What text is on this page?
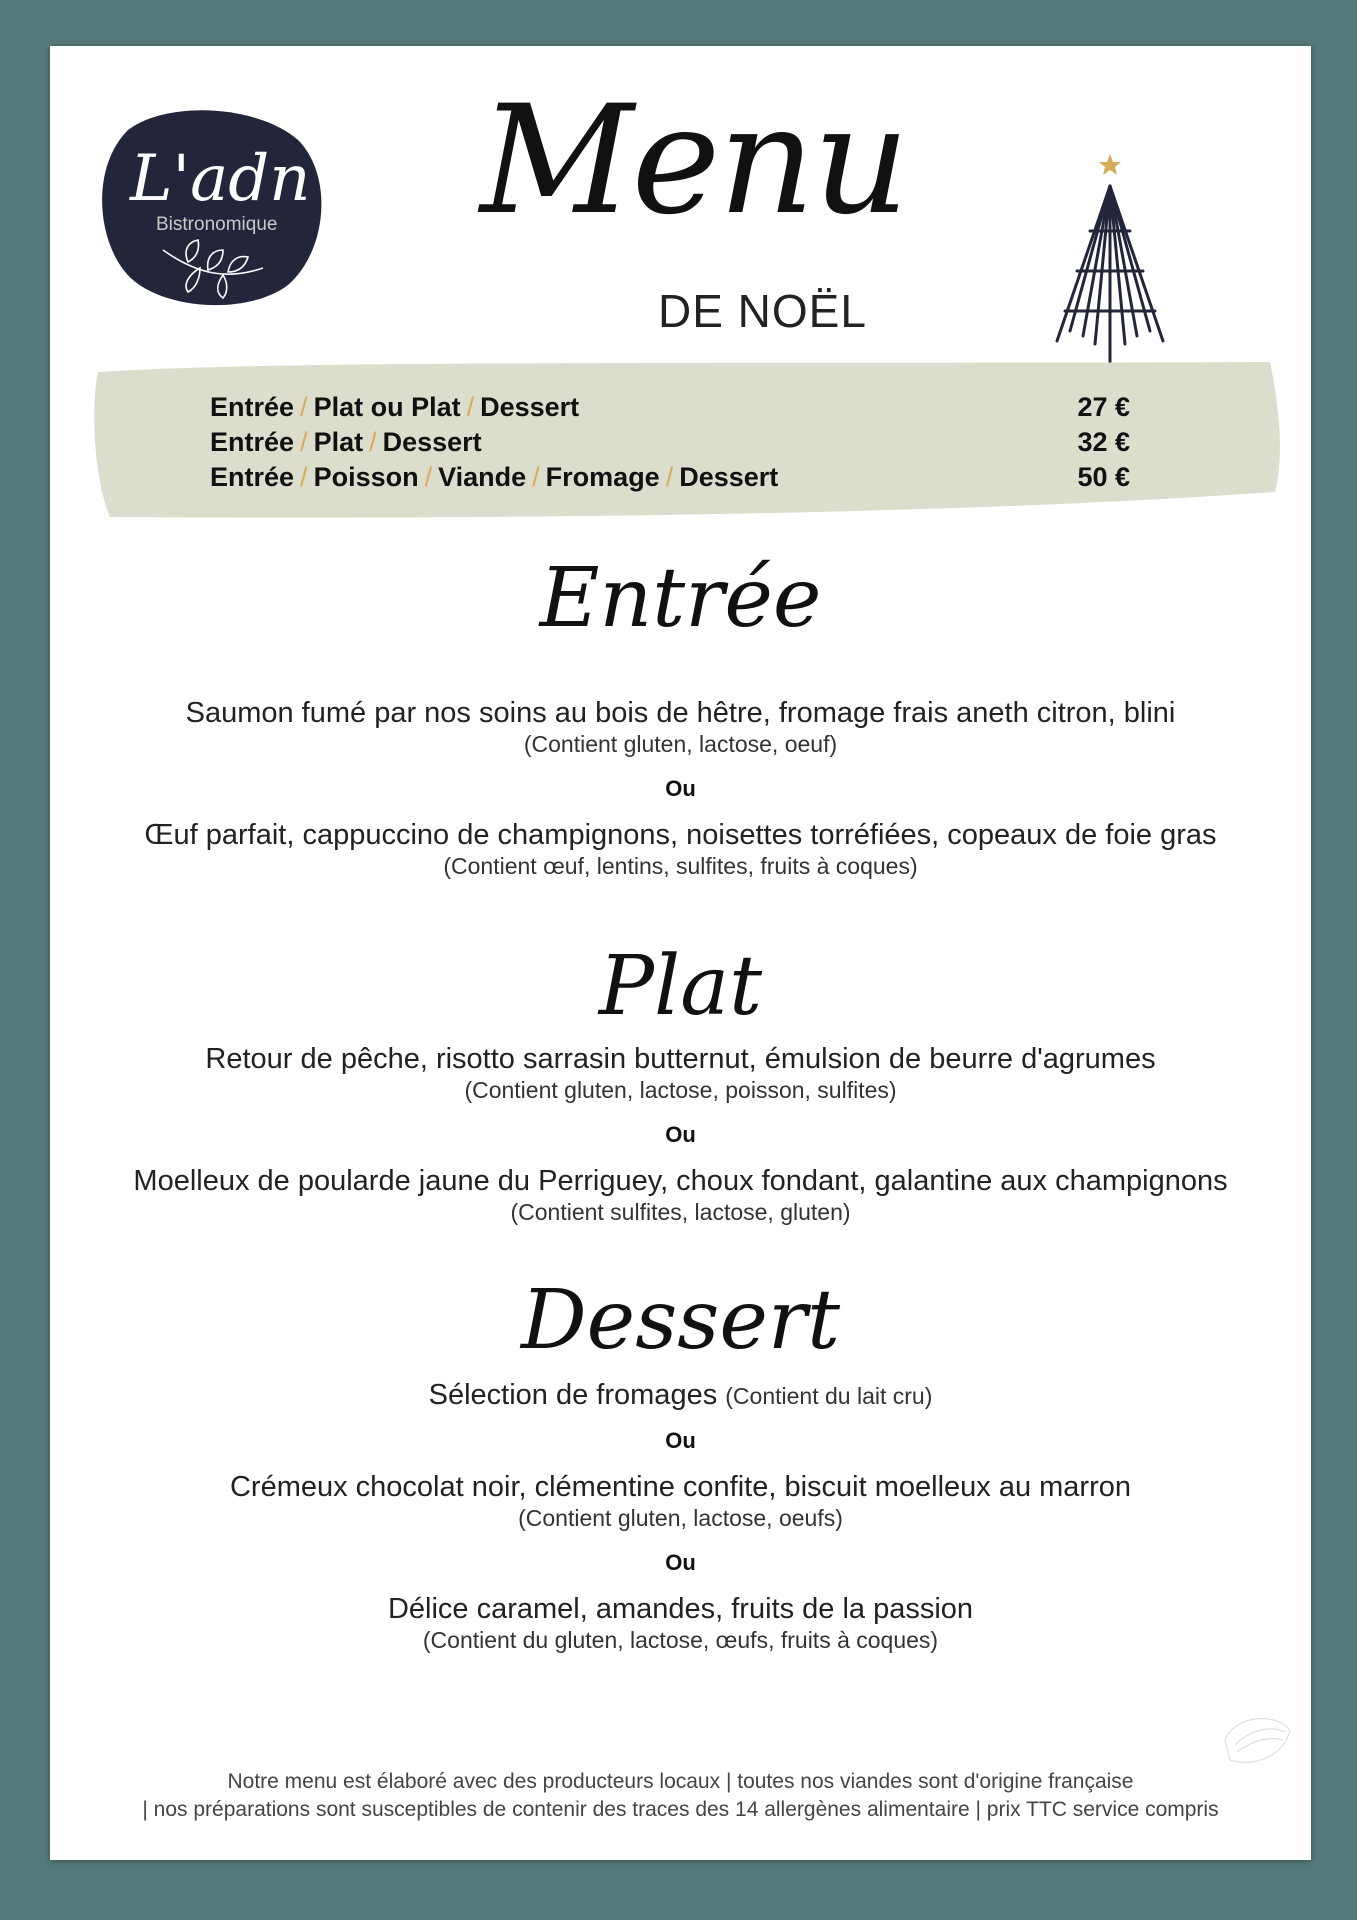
L'adn
Bistronomique Menu
DE NOËL
Entrée / Plat ou Plat / Dessert	27 €
Entrée / Plat / Dessert	32 €
Entrée / Poisson / Viande / Fromage / Dessert	50 €
Entrée
Saumon fumé par nos soins au bois de hêtre, fromage frais aneth citron, blini
(Contient gluten, lactose, oeuf)
Ou
Œuf parfait, cappuccino de champignons, noisettes torréfiées, copeaux de foie gras
(Contient œuf, lentins, sulfites, fruits à coques)
Plat
Retour de pêche, risotto sarrasin butternut, émulsion de beurre d'agrumes
(Contient gluten, lactose, poisson, sulfites)
Ou
Moelleux de poularde jaune du Perriguey, choux fondant, galantine aux champignons
(Contient sulfites, lactose, gluten)
Dessert
Sélection de fromages (Contient du lait cru)
Ou
Crémeux chocolat noir, clémentine confite, biscuit moelleux au marron
(Contient gluten, lactose, oeufs)
Ou
Délice caramel, amandes, fruits de la passion
(Contient du gluten, lactose, œufs, fruits à coques)
Notre menu est élaboré avec des producteurs locaux | toutes nos viandes sont d'origine française
| nos préparations sont susceptibles de contenir des traces des 14 allergènes alimentaire | prix TTC service compris
